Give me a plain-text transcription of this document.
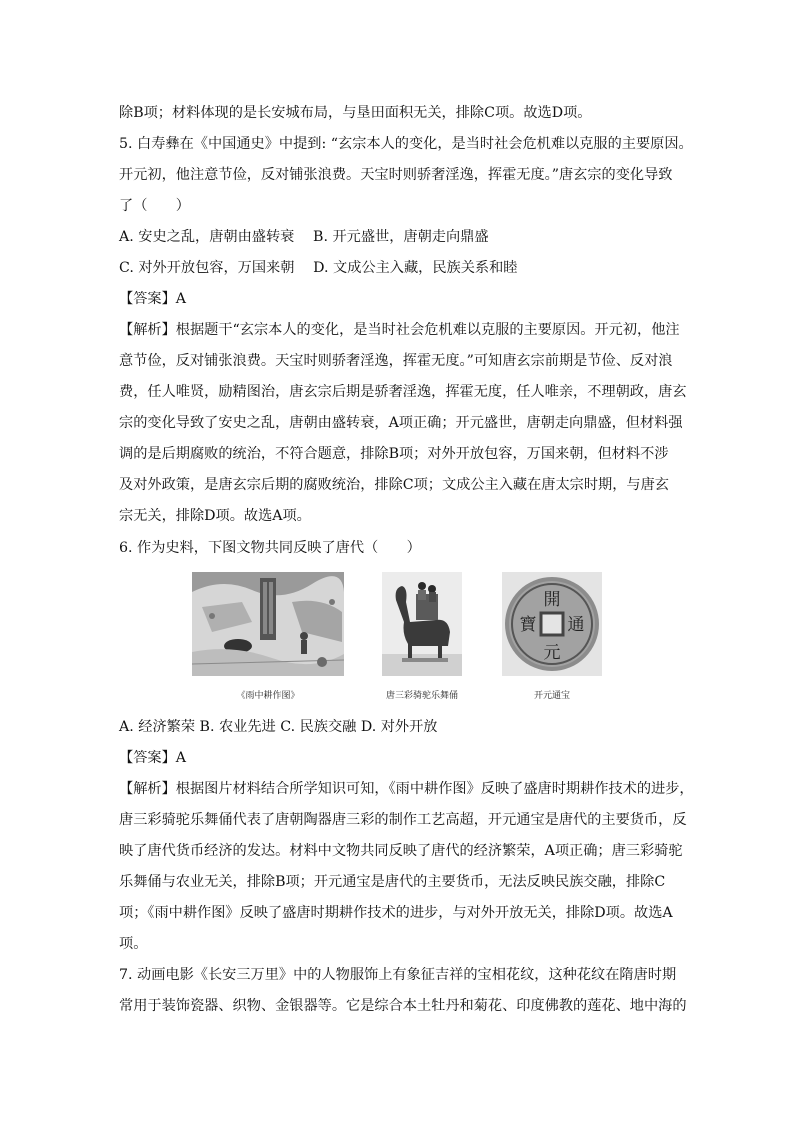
除B项；材料体现的是长安城布局，与垦田面积无关，排除C项。故选D项。
5. 白寿彝在《中国通史》中提到: “玄宗本人的变化，是当时社会危机难以克服的主要原因。
开元初，他注意节俭，反对铺张浪费。天宝时则骄奢淫逸，挥霍无度。”唐玄宗的变化导致
了（　　）
A. 安史之乱，唐朝由盛转衰　 B. 开元盛世，唐朝走向鼎盛
C. 对外开放包容，万国来朝　 D. 文成公主入藏，民族关系和睦
【答案】A
【解析】根据题干“玄宗本人的变化，是当时社会危机难以克服的主要原因。开元初，他注
意节俭，反对铺张浪费。天宝时则骄奢淫逸，挥霍无度。”可知唐玄宗前期是节俭、反对浪
费，任人唯贤，励精图治，唐玄宗后期是骄奢淫逸，挥霍无度，任人唯亲，不理朝政，唐玄
宗的变化导致了安史之乱，唐朝由盛转衰，A项正确；开元盛世，唐朝走向鼎盛，但材料强
调的是后期腐败的统治，不符合题意，排除B项；对外开放包容，万国来朝，但材料不涉
及对外政策，是唐玄宗后期的腐败统治，排除C项；文成公主入藏在唐太宗时期，与唐玄
宗无关，排除D项。故选A项。
6. 作为史料，下图文物共同反映了唐代（　　）
《雨中耕作图》	唐三彩骑驼乐舞俑
開
通
元
寶
开元通宝
A. 经济繁荣 B. 农业先进 C. 民族交融 D. 对外开放
【答案】A
【解析】根据图片材料结合所学知识可知，《雨中耕作图》反映了盛唐时期耕作技术的进步，
唐三彩骑驼乐舞俑代表了唐朝陶器唐三彩的制作工艺高超，开元通宝是唐代的主要货币，反
映了唐代货币经济的发达。材料中文物共同反映了唐代的经济繁荣，A项正确；唐三彩骑驼
乐舞俑与农业无关，排除B项；开元通宝是唐代的主要货币，无法反映民族交融，排除C
项；《雨中耕作图》反映了盛唐时期耕作技术的进步，与对外开放无关，排除D项。故选A
项。
7. 动画电影《长安三万里》中的人物服饰上有象征吉祥的宝相花纹，这种花纹在隋唐时期
常用于装饰瓷器、织物、金银器等。它是综合本土牡丹和菊花、印度佛教的莲花、地中海的
